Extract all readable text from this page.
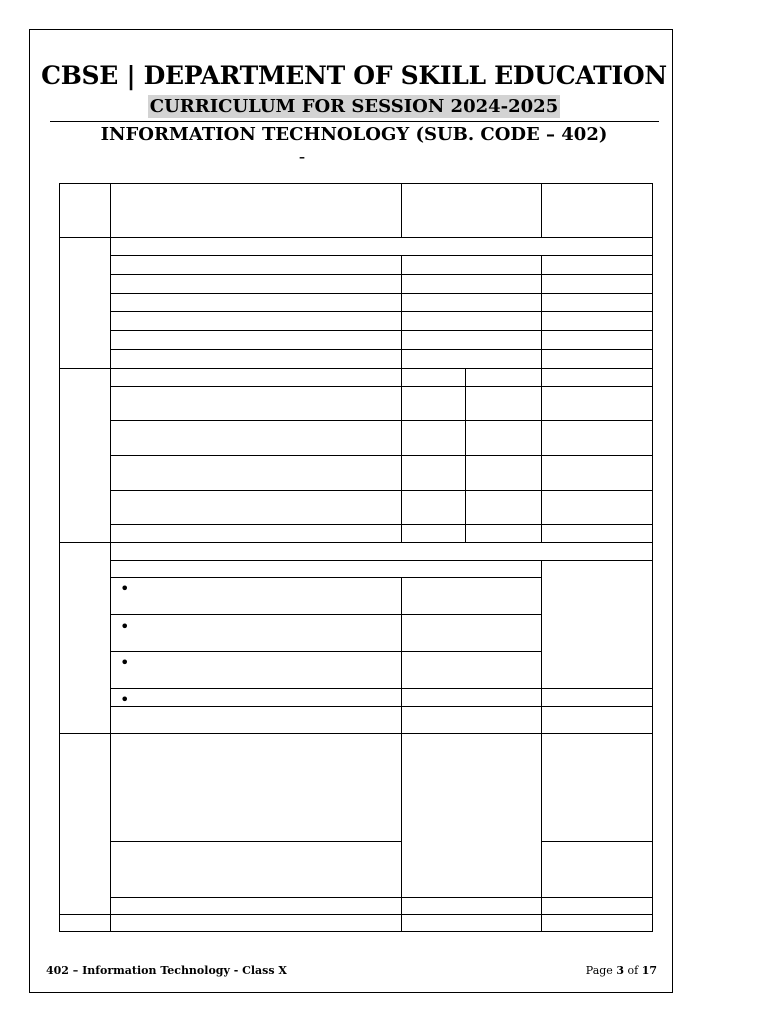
CBSE | DEPARTMENT OF SKILL EDUCATION
CURRICULUM FOR SESSION 2024-2025
INFORMATION TECHNOLOGY (SUB. CODE – 402)
–
•
•
•
•
402 – Information Technology - Class X	Page 3 of 17
